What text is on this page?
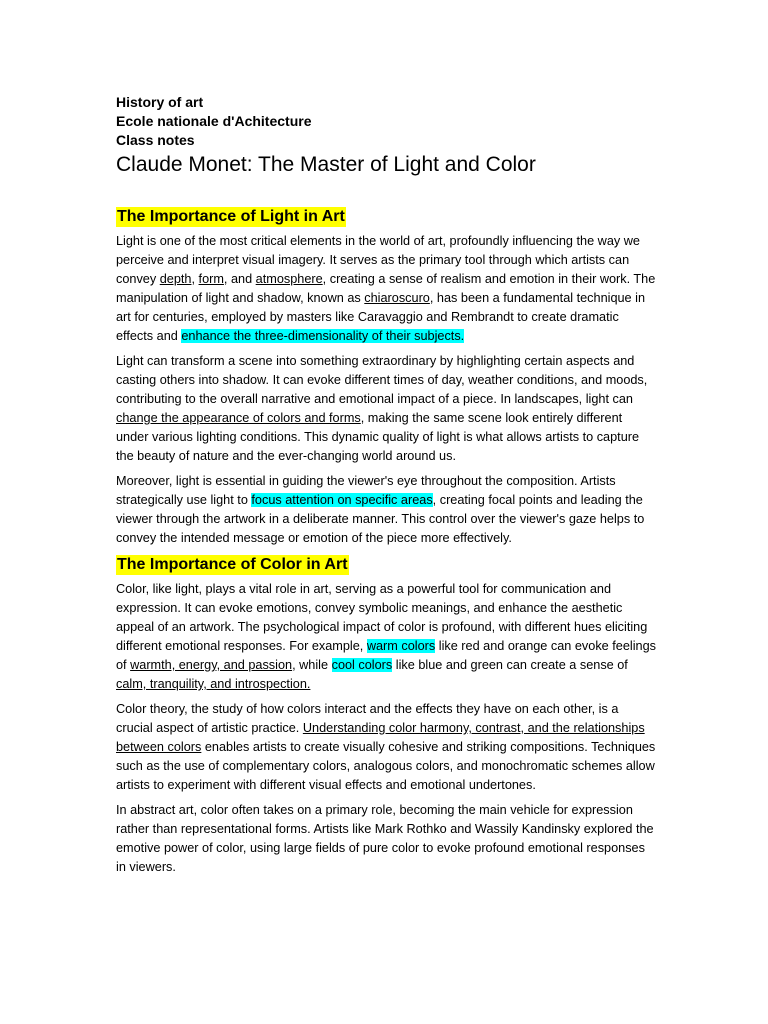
History of art
Ecole nationale d'Achitecture
Class notes
Claude Monet: The Master of Light and Color
The Importance of Light in Art

Light is one of the most critical elements in the world of art, profoundly influencing the way we perceive and interpret visual imagery. It serves as the primary tool through which artists can convey depth, form, and atmosphere, creating a sense of realism and emotion in their work. The manipulation of light and shadow, known as chiaroscuro, has been a fundamental technique in art for centuries, employed by masters like Caravaggio and Rembrandt to create dramatic effects and enhance the three-dimensionality of their subjects.

Light can transform a scene into something extraordinary by highlighting certain aspects and casting others into shadow. It can evoke different times of day, weather conditions, and moods, contributing to the overall narrative and emotional impact of a piece. In landscapes, light can change the appearance of colors and forms, making the same scene look entirely different under various lighting conditions. This dynamic quality of light is what allows artists to capture the beauty of nature and the ever-changing world around us.

Moreover, light is essential in guiding the viewer's eye throughout the composition. Artists strategically use light to focus attention on specific areas, creating focal points and leading the viewer through the artwork in a deliberate manner. This control over the viewer's gaze helps to convey the intended message or emotion of the piece more effectively.

The Importance of Color in Art

Color, like light, plays a vital role in art, serving as a powerful tool for communication and expression. It can evoke emotions, convey symbolic meanings, and enhance the aesthetic appeal of an artwork. The psychological impact of color is profound, with different hues eliciting different emotional responses. For example, warm colors like red and orange can evoke feelings of warmth, energy, and passion, while cool colors like blue and green can create a sense of calm, tranquility, and introspection.

Color theory, the study of how colors interact and the effects they have on each other, is a crucial aspect of artistic practice. Understanding color harmony, contrast, and the relationships between colors enables artists to create visually cohesive and striking compositions. Techniques such as the use of complementary colors, analogous colors, and monochromatic schemes allow artists to experiment with different visual effects and emotional undertones.

In abstract art, color often takes on a primary role, becoming the main vehicle for expression rather than representational forms. Artists like Mark Rothko and Wassily Kandinsky explored the emotive power of color, using large fields of pure color to evoke profound emotional responses in viewers.
